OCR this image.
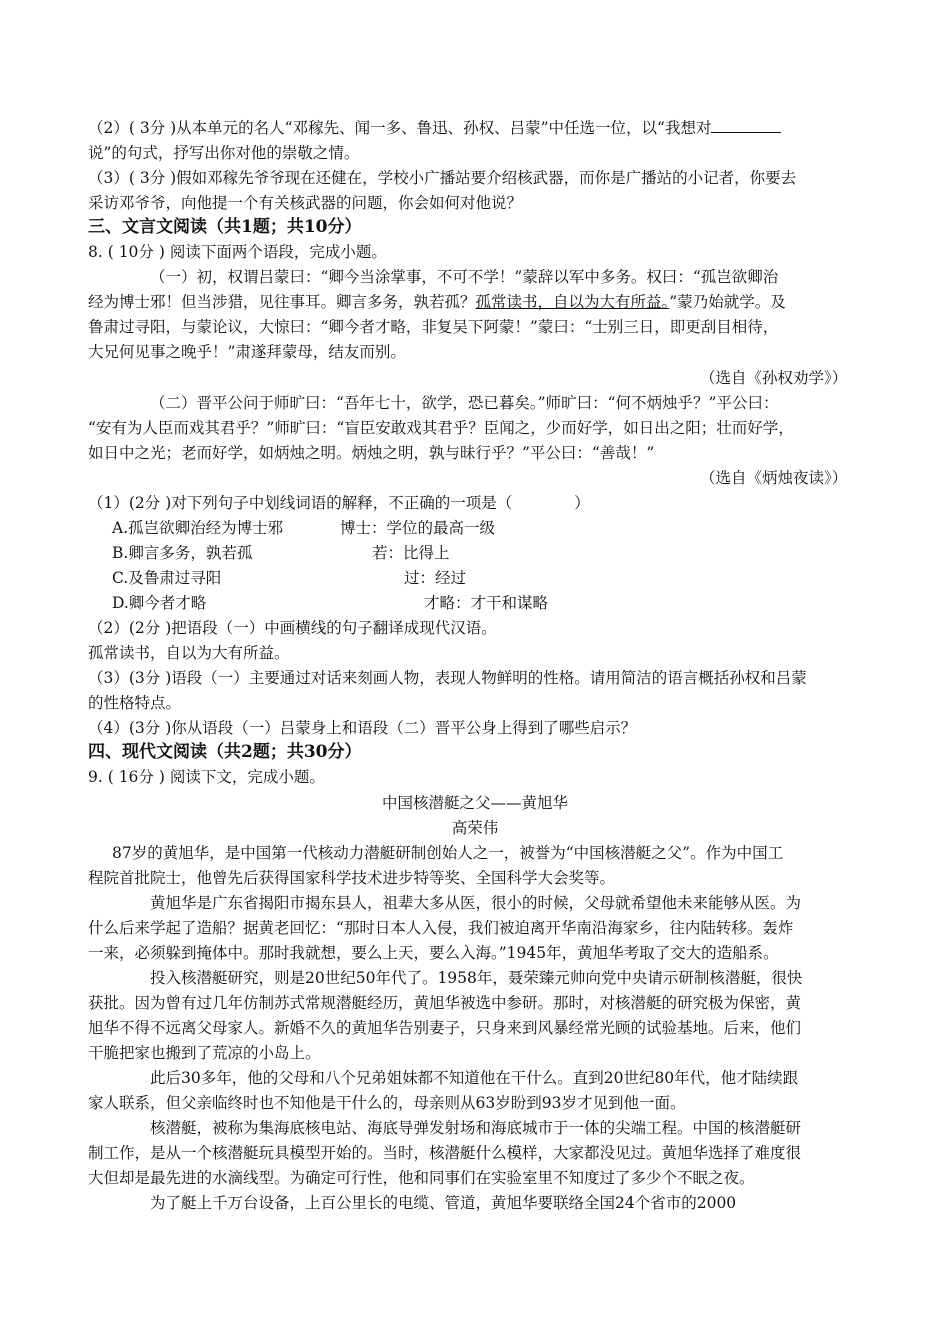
（2）( 3分 )从本单元的名人“邓稼先、闻一多、鲁迅、孙权、吕蒙”中任选一位，以“我想对
说”的句式，抒写出你对他的崇敬之情。
（3）( 3分 )假如邓稼先爷爷现在还健在，学校小广播站要介绍核武器，而你是广播站的小记者，你要去
采访邓爷爷，向他提一个有关核武器的问题，你会如何对他说？
三、文言文阅读（共1题；共10分）
8. ( 10分 ) 阅读下面两个语段，完成小题。
（一）初，权谓吕蒙曰：“卿今当涂掌事，不可不学！”蒙辞以军中多务。权曰：“孤岂欲卿治
经为博士邪！但当涉猎，见往事耳。卿言多务，孰若孤？孤常读书，自以为大有所益。”蒙乃始就学。及
鲁肃过寻阳，与蒙论议，大惊曰：“卿今者才略，非复吴下阿蒙！”蒙曰：“士别三日，即更刮目相待，
大兄何见事之晚乎！”肃遂拜蒙母，结友而别。
（选自《孙权劝学》）
（二）晋平公问于师旷曰：“吾年七十，欲学，恐已暮矣。”师旷曰：“何不炳烛乎？”平公曰：
“安有为人臣而戏其君乎？”师旷曰：“盲臣安敢戏其君乎？臣闻之，少而好学，如日出之阳；壮而好学，
如日中之光；老而好学，如炳烛之明。炳烛之明，孰与昧行乎？”平公曰：“善哉！”
（选自《炳烛夜读》）
（1）(2分 )对下列句子中划线词语的解释，不正确的一项是（　　　　）
A.孤岂欲卿治经为博士邪	博士：学位的最高一级
B.卿言多务，孰若孤	若：比得上
C.及鲁肃过寻阳	过：经过
D.卿今者才略	才略：才干和谋略
（2）(2分 )把语段（一）中画横线的句子翻译成现代汉语。
孤常读书，自以为大有所益。
（3）(3分 )语段（一）主要通过对话来刻画人物，表现人物鲜明的性格。请用简洁的语言概括孙权和吕蒙
的性格特点。
（4）(3分 )你从语段（一）吕蒙身上和语段（二）晋平公身上得到了哪些启示？
四、现代文阅读（共2题；共30分）
9. ( 16分 ) 阅读下文，完成小题。
中国核潜艇之父——黄旭华
高荣伟
87岁的黄旭华，是中国第一代核动力潜艇研制创始人之一，被誉为“中国核潜艇之父”。作为中国工
程院首批院士，他曾先后获得国家科学技术进步特等奖、全国科学大会奖等。
黄旭华是广东省揭阳市揭东县人，祖辈大多从医，很小的时候，父母就希望他未来能够从医。为
什么后来学起了造船？据黄老回忆：“那时日本人入侵，我们被迫离开华南沿海家乡，往内陆转移。轰炸
一来，必须躲到掩体中。那时我就想，要么上天，要么入海。”1945年，黄旭华考取了交大的造船系。
投入核潜艇研究，则是20世纪50年代了。1958年，聂荣臻元帅向党中央请示研制核潜艇，很快
获批。因为曾有过几年仿制苏式常规潜艇经历，黄旭华被选中参研。那时，对核潜艇的研究极为保密，黄
旭华不得不远离父母家人。新婚不久的黄旭华告别妻子，只身来到风暴经常光顾的试验基地。后来，他们
干脆把家也搬到了荒凉的小岛上。
此后30多年，他的父母和八个兄弟姐妹都不知道他在干什么。直到20世纪80年代，他才陆续跟
家人联系，但父亲临终时也不知他是干什么的，母亲则从63岁盼到93岁才见到他一面。
核潜艇，被称为集海底核电站、海底导弹发射场和海底城市于一体的尖端工程。中国的核潜艇研
制工作，是从一个核潜艇玩具模型开始的。当时，核潜艇什么模样，大家都没见过。黄旭华选择了难度很
大但却是最先进的水滴线型。为确定可行性，他和同事们在实验室里不知度过了多少个不眠之夜。
为了艇上千万台设备，上百公里长的电缆、管道，黄旭华要联络全国24个省市的2000
